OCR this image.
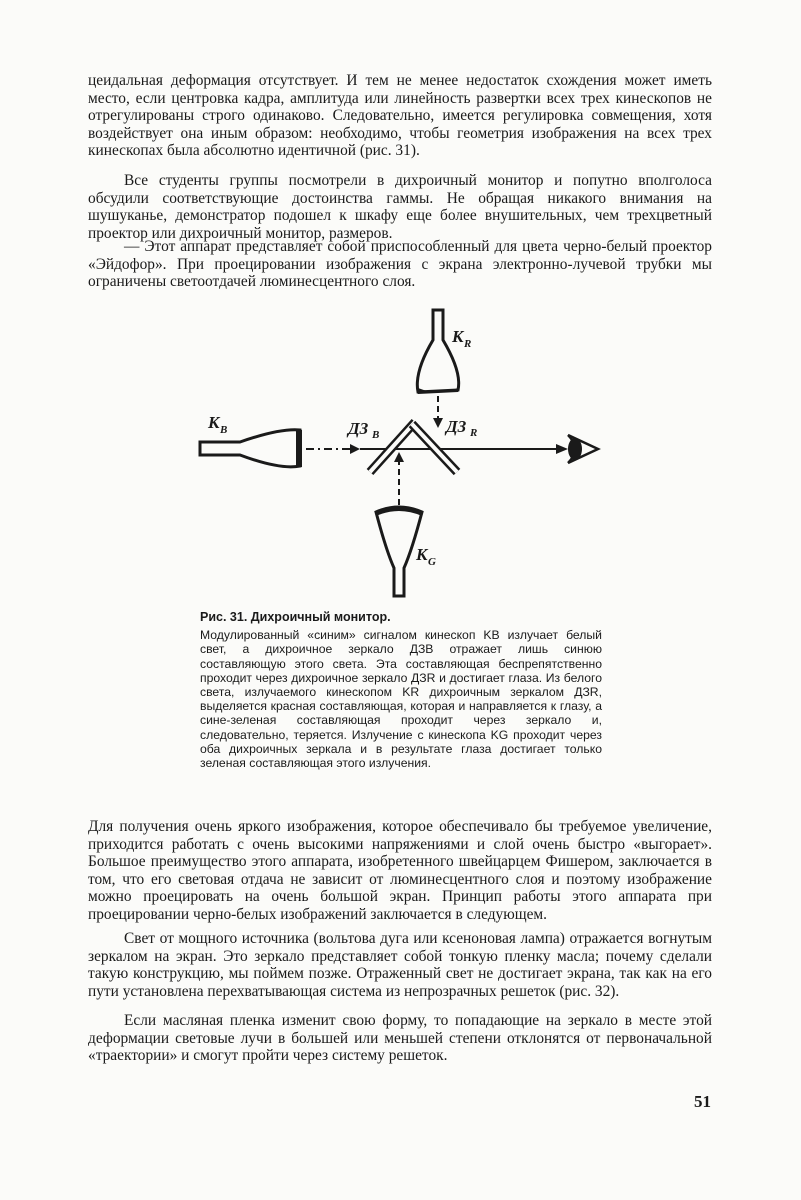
цеидальная деформация отсутствует. И тем не менее недостаток схождения может иметь место, если центровка кадра, амплитуда или линейность развертки всех трех кинескопов не отрегулированы строго одинаково. Следовательно, имеется регулировка совмещения, хотя воздействует она иным образом: необходимо, чтобы геометрия изображения на всех трех кинескопах была абсолютно идентичной (рис. 31).

Все студенты группы посмотрели в дихроичный монитор и попутно вполголоса обсудили соответствующие достоинства гаммы. Не обращая никакого внимания на шушуканье, демонстратор подошел к шкафу еще более внушительных, чем трехцветный проектор или дихроичный монитор, размеров.

— Этот аппарат представляет собой приспособленный для цвета черно-белый проектор «Эйдофор». При проецировании изображения с экрана электронно-лучевой трубки мы ограничены светоотдачей люминесцентного слоя.

К R
К B	ДЗ B	ДЗ R
К G
Рис. 31. Дихроичный монитор.

Модулированный «синим» сигналом кинескоп KB излучает белый свет, а дихроичное зеркало ДЗB отражает лишь синюю составляющую этого света. Эта составляющая беспрепятственно проходит через дихроичное зеркало ДЗR и достигает глаза. Из белого света, излучаемого кинескопом KR дихроичным зеркалом ДЗR, выделяется красная составляющая, которая и направляется к глазу, а сине-зеленая составляющая проходит через зеркало и, следовательно, теряется. Излучение с кинескопа KG проходит через оба дихроичных зеркала и в результате глаза достигает только зеленая составляющая этого излучения.

Для получения очень яркого изображения, которое обеспечивало бы требуемое увеличение, приходится работать с очень высокими напряжениями и слой очень быстро «выгорает». Большое преимущество этого аппарата, изобретенного швейцарцем Фишером, заключается в том, что его световая отдача не зависит от люминесцентного слоя и поэтому изображение можно проецировать на очень большой экран. Принцип работы этого аппарата при проецировании черно-белых изображений заключается в следующем.

Свет от мощного источника (вольтова дуга или ксеноновая лампа) отражается вогнутым зеркалом на экран. Это зеркало представляет собой тонкую пленку масла; почему сделали такую конструкцию, мы поймем позже. Отраженный свет не достигает экрана, так как на его пути установлена перехватывающая система из непрозрачных решеток (рис. 32).

Если масляная пленка изменит свою форму, то попадающие на зеркало в месте этой деформации световые лучи в большей или меньшей степени отклонятся от первоначальной «траектории» и смогут пройти через систему решеток.

51
